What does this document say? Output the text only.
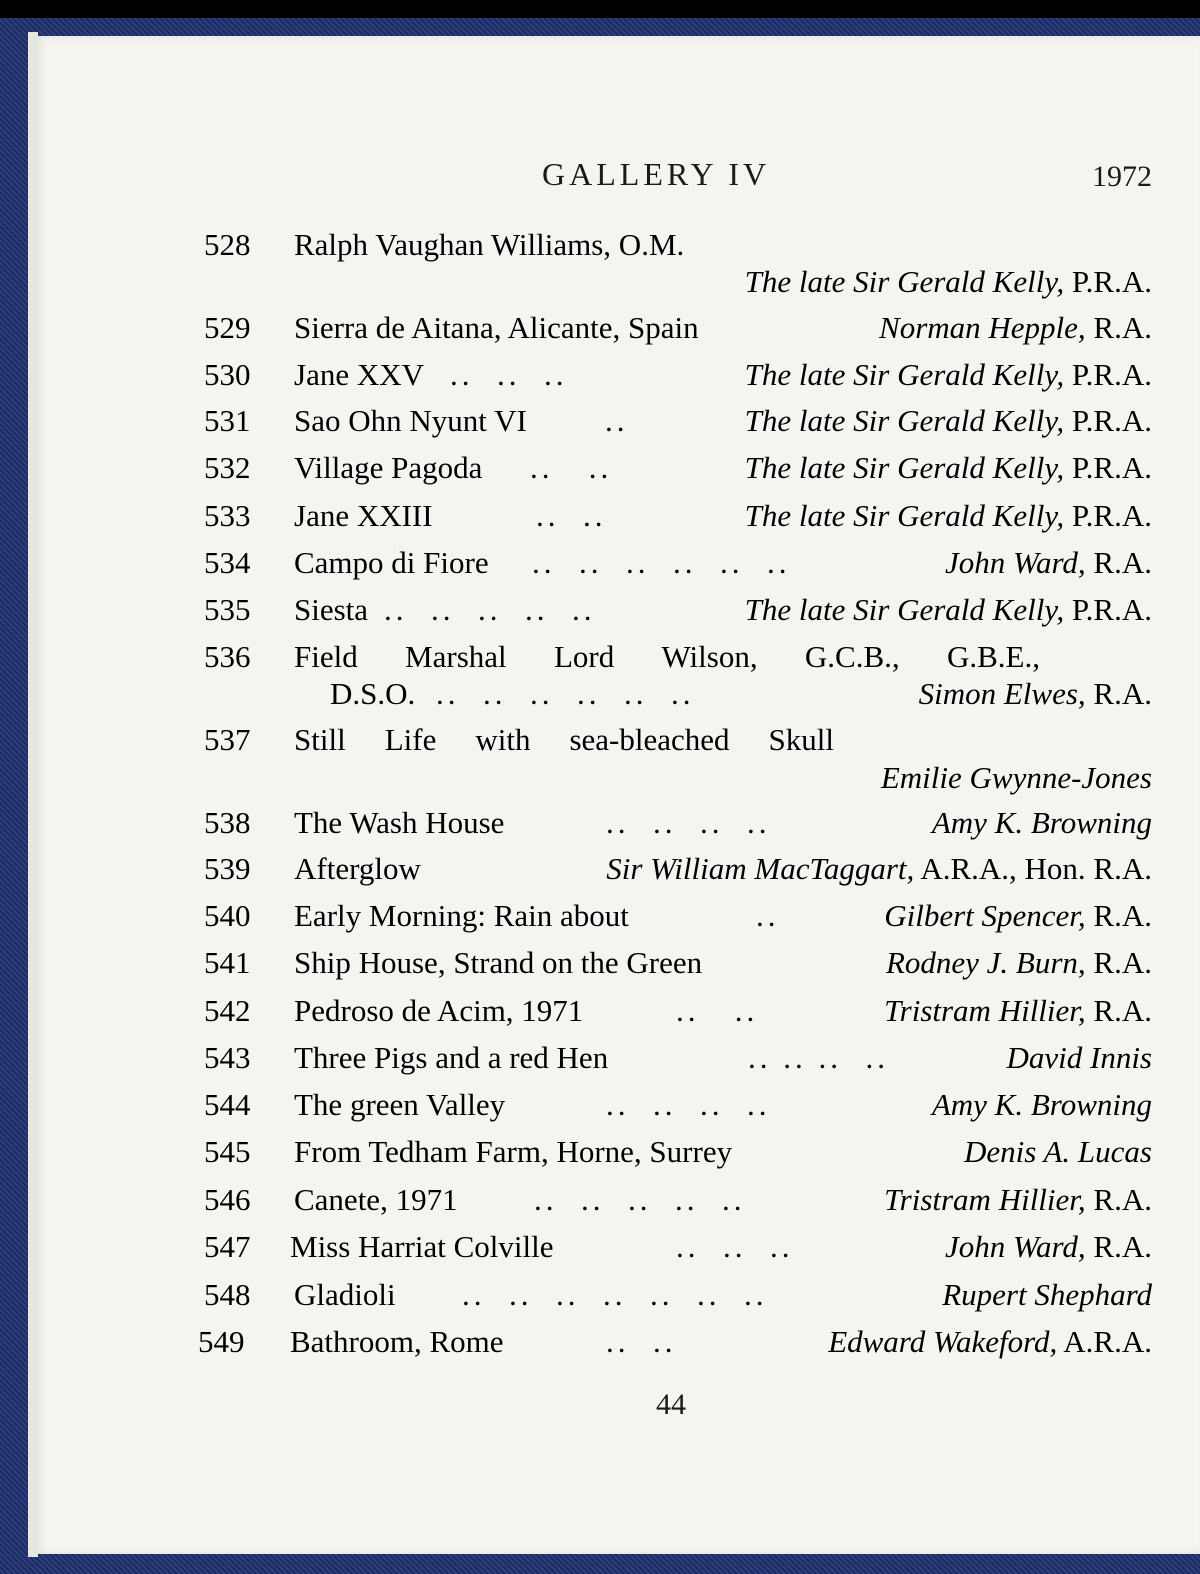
GALLERY IV	1972
528	Ralph Vaughan Williams, O.M.
The late Sir Gerald Kelly, P.R.A.
529	Sierra de Aitana, Alicante, Spain	Norman Hepple, R.A.
530	Jane XXV ..  ..  ..	The late Sir Gerald Kelly, P.R.A.
531	Sao Ohn Nyunt VI	..	The late Sir Gerald Kelly, P.R.A.
532	Village Pagoda ..   ..	The late Sir Gerald Kelly, P.R.A.
533	Jane XXIII	..  ..	The late Sir Gerald Kelly, P.R.A.
534	Campo di Fiore ..  ..  ..  ..  ..  ..	John Ward, R.A.
535	Siesta ..  ..  ..  ..  ..	The late Sir Gerald Kelly, P.R.A.
536	Field Marshal Lord Wilson, G.C.B., G.B.E.,
D.S.O. ..  ..  ..  ..  ..  ..	Simon Elwes, R.A.
537	Still Life with sea-bleached Skull
Emilie Gwynne-Jones
538	The Wash House	..  ..  ..  ..	Amy K. Browning
539	Afterglow	Sir William MacTaggart, A.R.A., Hon. R.A.
540	Early Morning: Rain about	..	Gilbert Spencer, R.A.
541	Ship House, Strand on the Green	Rodney J. Burn, R.A.
542	Pedroso de Acim, 1971	..   ..	Tristram Hillier, R.A.
543	Three Pigs and a red Hen	.. .. ..  ..	David Innis
544	The green Valley	..  ..  ..  ..	Amy K. Browning
545	From Tedham Farm, Horne, Surrey	Denis A. Lucas
546	Canete, 1971 ..  ..  ..  ..  ..	Tristram Hillier, R.A.
547	Miss Harriat Colville	..  ..  ..	John Ward, R.A.
548	Gladioli ..  ..  ..  ..  ..  ..  ..	Rupert Shephard
549	Bathroom, Rome	..  ..	Edward Wakeford, A.R.A.
44
